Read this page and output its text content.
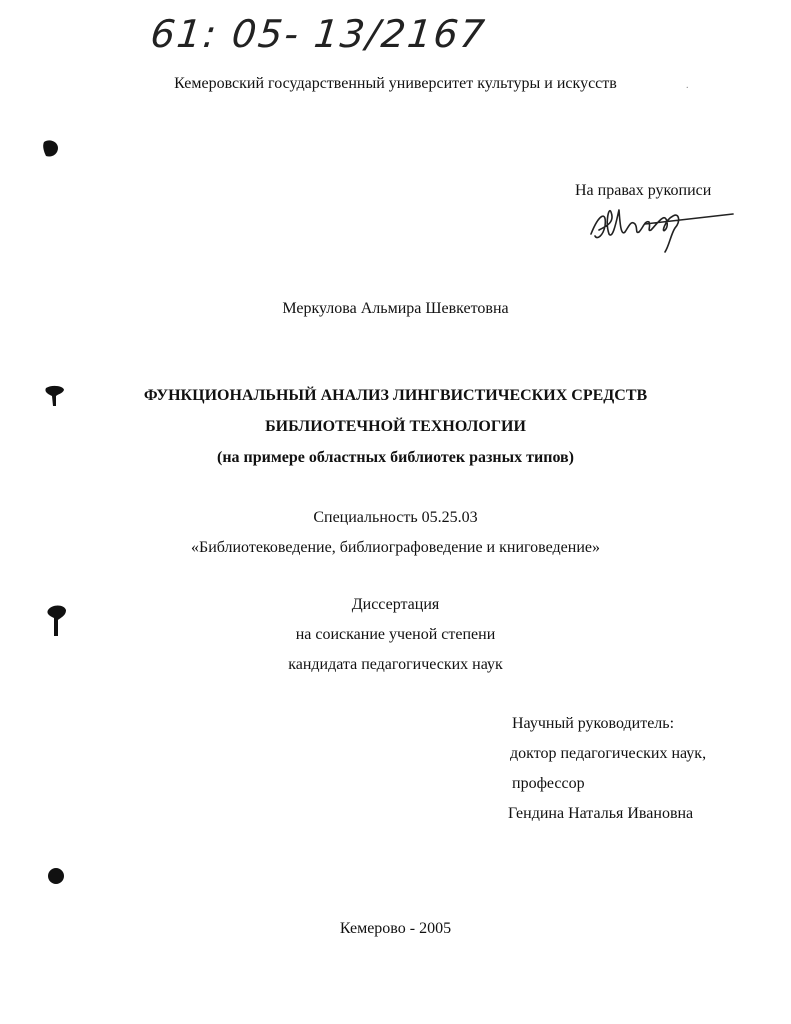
61: 05- 13/2167
Кемеровский государственный университет культуры и искусств	.
На правах рукописи
Меркулова Альмира Шевкетовна
ФУНКЦИОНАЛЬНЫЙ АНАЛИЗ ЛИНГВИСТИЧЕСКИХ СРЕДСТВ
БИБЛИОТЕЧНОЙ ТЕХНОЛОГИИ
(на примере областных библиотек разных типов)
Специальность 05.25.03
«Библиотековедение, библиографоведение и книговедение»
Диссертация
на соискание ученой степени
кандидата педагогических наук
Научный руководитель:
доктор педагогических наук,
профессор
Гендина Наталья Ивановна
Кемерово - 2005
